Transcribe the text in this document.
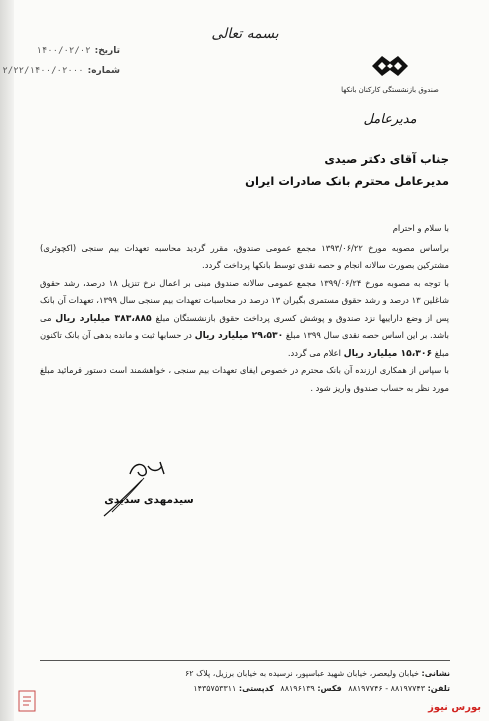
بسمه تعالی
تاریخ:
۱۴۰۰/۰۲/۰۲
شماره:
۲/۲۲/۱۴۰۰/۰۲۰۰۰
صندوق بازنشستگی کارکنان بانکها
مدیرعامل
جناب آقای دکتر صیدی
مدیرعامل محترم بانک صادرات ایران

با سلام و احترام

براساس مصوبه مورخ ۱۳۹۳/۰۶/۲۲ مجمع عمومی صندوق، مقرر گردید محاسبه تعهدات بیم سنجی (اکچوئری) مشترکین بصورت سالانه انجام و حصه نقدی توسط بانکها پرداخت گردد.

با توجه به مصوبه مورخ ۱۳۹۹/۰۶/۲۴ مجمع عمومی سالانه صندوق مبنی بر اعمال نرخ تنزیل ۱۸ درصد، رشد حقوق شاغلین ۱۳ درصد و رشد حقوق مستمری بگیران ۱۳ درصد در محاسبات تعهدات بیم سنجی سال ۱۳۹۹، تعهدات آن بانک پس از وضع داراییها نزد صندوق و پوشش کسری پرداخت حقوق بازنشستگان مبلغ ۳۸۳،۸۸۵ میلیارد ریال می باشد. بر این اساس حصه نقدی سال ۱۳۹۹ مبلغ ۲۹،۵۳۰ میلیارد ریال در حسابها ثبت و مانده بدهی آن بانک تاکنون مبلغ ۱۵،۳۰۶ میلیارد ریال اعلام می گردد.

با سپاس از همکاری ارزنده آن بانک محترم در خصوص ایفای تعهدات بیم سنجی ، خواهشمند است دستور فرمائید مبلغ مورد نظر به حساب صندوق واریز شود .

سیدمهدی سدیدی
نشانی: خیابان ولیعصر، خیابان شهید عباسپور، نرسیده به خیابان برزیل، پلاک ۶۲
تلفن: ۸۸۱۹۷۷۴۳ - ۸۸۱۹۷۷۴۶ فکس: ۸۸۱۹۶۱۳۹ کدپستی: ۱۴۳۵۷۵۳۳۱۱
بورس نیوز
